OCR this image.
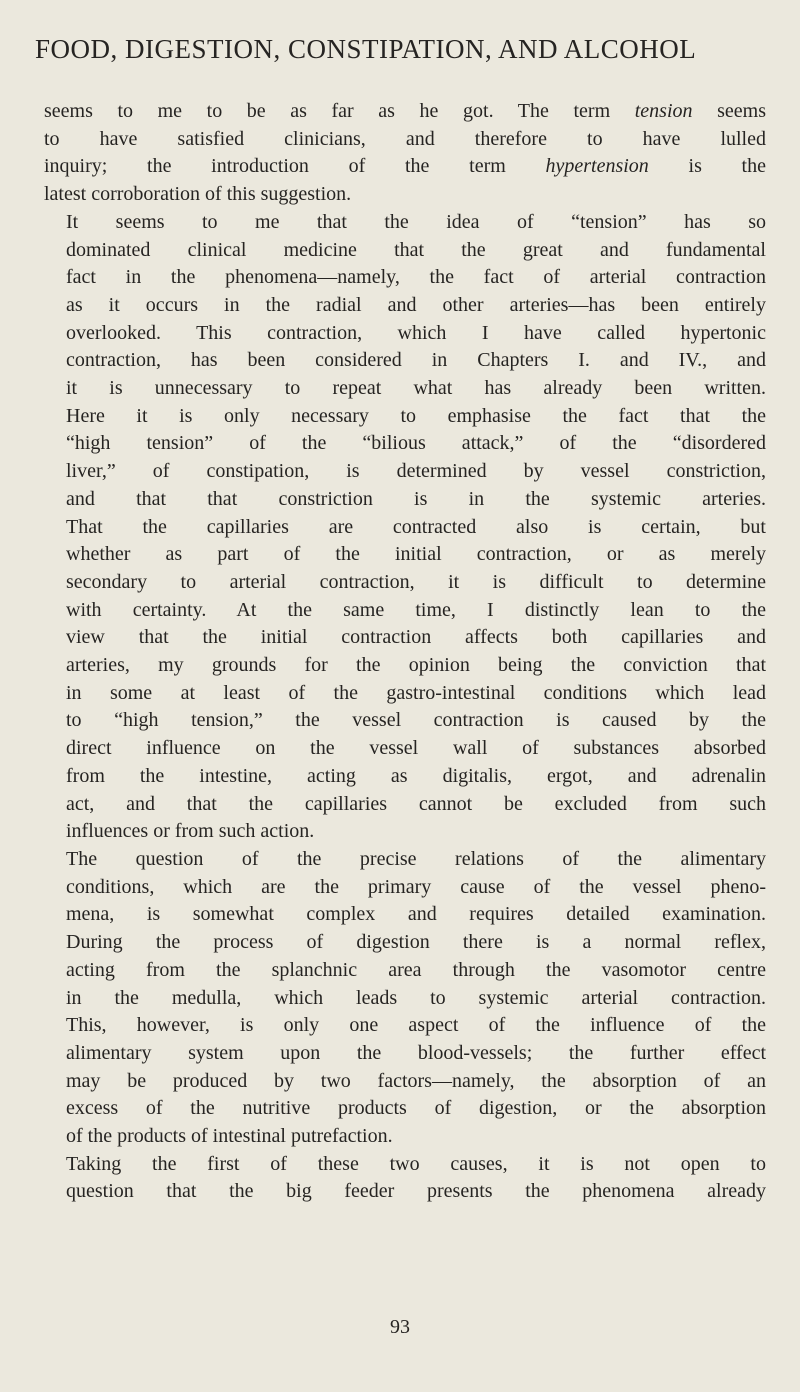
FOOD, DIGESTION, CONSTIPATION, AND ALCOHOL

seems to me to be as far as he got. The term tension seems
to have satisfied clinicians, and therefore to have lulled
inquiry; the introduction of the term hypertension is the
latest corroboration of this suggestion.

It seems to me that the idea of “tension” has so
dominated clinical medicine that the great and fundamental
fact in the phenomena—namely, the fact of arterial contraction
as it occurs in the radial and other arteries—has been entirely
overlooked. This contraction, which I have called hypertonic
contraction, has been considered in Chapters I. and IV., and
it is unnecessary to repeat what has already been written.
Here it is only necessary to emphasise the fact that the
“high tension” of the “bilious attack,” of the “disordered
liver,” of constipation, is determined by vessel constriction,
and that that constriction is in the systemic arteries.
That the capillaries are contracted also is certain, but
whether as part of the initial contraction, or as merely
secondary to arterial contraction, it is difficult to determine
with certainty. At the same time, I distinctly lean to the
view that the initial contraction affects both capillaries and
arteries, my grounds for the opinion being the conviction that
in some at least of the gastro-intestinal conditions which lead
to “high tension,” the vessel contraction is caused by the
direct influence on the vessel wall of substances absorbed
from the intestine, acting as digitalis, ergot, and adrenalin
act, and that the capillaries cannot be excluded from such
influences or from such action.

The question of the precise relations of the alimentary
conditions, which are the primary cause of the vessel pheno-
mena, is somewhat complex and requires detailed examination.
During the process of digestion there is a normal reflex,
acting from the splanchnic area through the vasomotor centre
in the medulla, which leads to systemic arterial contraction.
This, however, is only one aspect of the influence of the
alimentary system upon the blood-vessels; the further effect
may be produced by two factors—namely, the absorption of an
excess of the nutritive products of digestion, or the absorption
of the products of intestinal putrefaction.

Taking the first of these two causes, it is not open to
question that the big feeder presents the phenomena already

93
